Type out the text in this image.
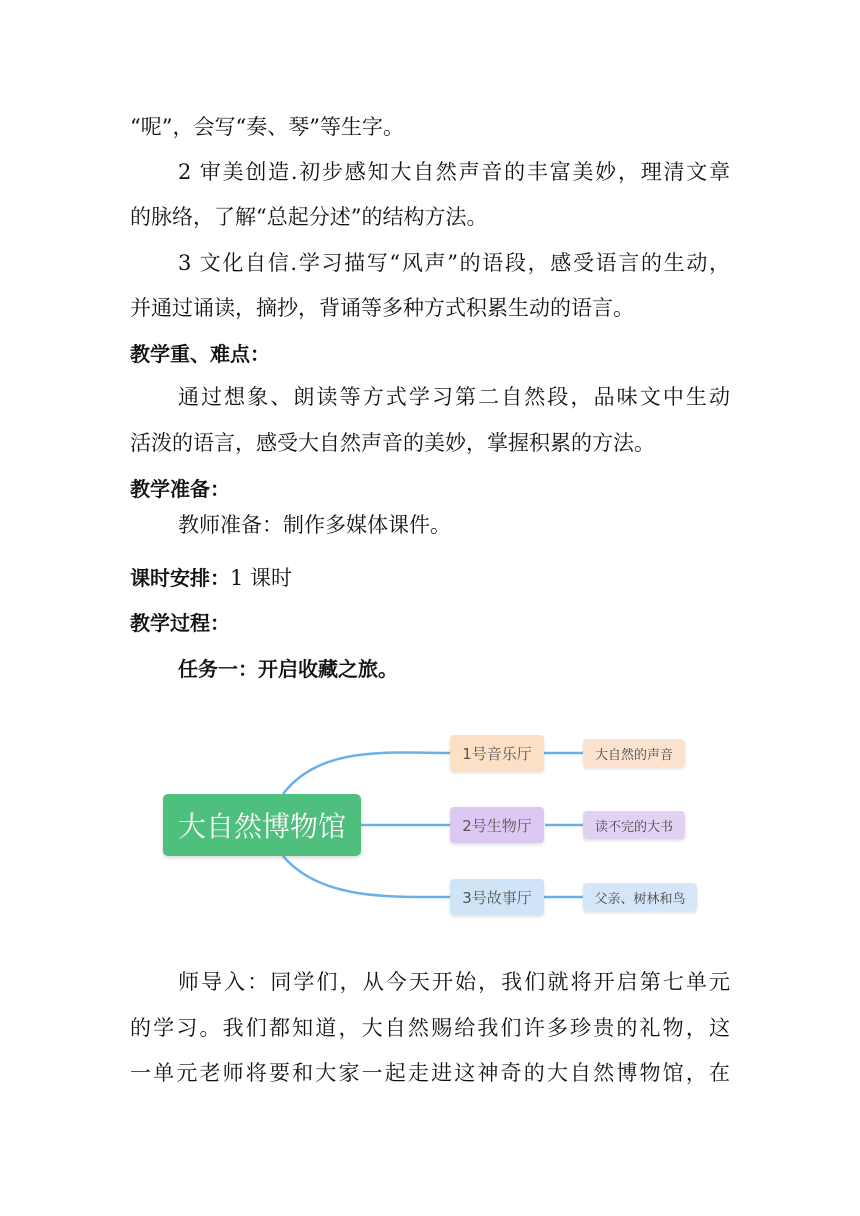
“呢”，会写“奏、琴”等生字。
2 审美创造.初步感知大自然声音的丰富美妙，理清文章
的脉络，了解“总起分述”的结构方法。
3 文化自信.学习描写“风声”的语段，感受语言的生动，
并通过诵读，摘抄，背诵等多种方式积累生动的语言。
教学重、难点：
通过想象、朗读等方式学习第二自然段，品味文中生动
活泼的语言，感受大自然声音的美妙，掌握积累的方法。
教学准备：
教师准备：制作多媒体课件。
课时安排：1 课时
教学过程：
任务一：开启收藏之旅。
大自然博物馆
1号音乐厅
2号生物厅
3号故事厅
大自然的声音
读不完的大书
父亲、树林和鸟
师导入：同学们，从今天开始，我们就将开启第七单元
的学习。我们都知道，大自然赐给我们许多珍贵的礼物，这
一单元老师将要和大家一起走进这神奇的大自然博物馆，在
